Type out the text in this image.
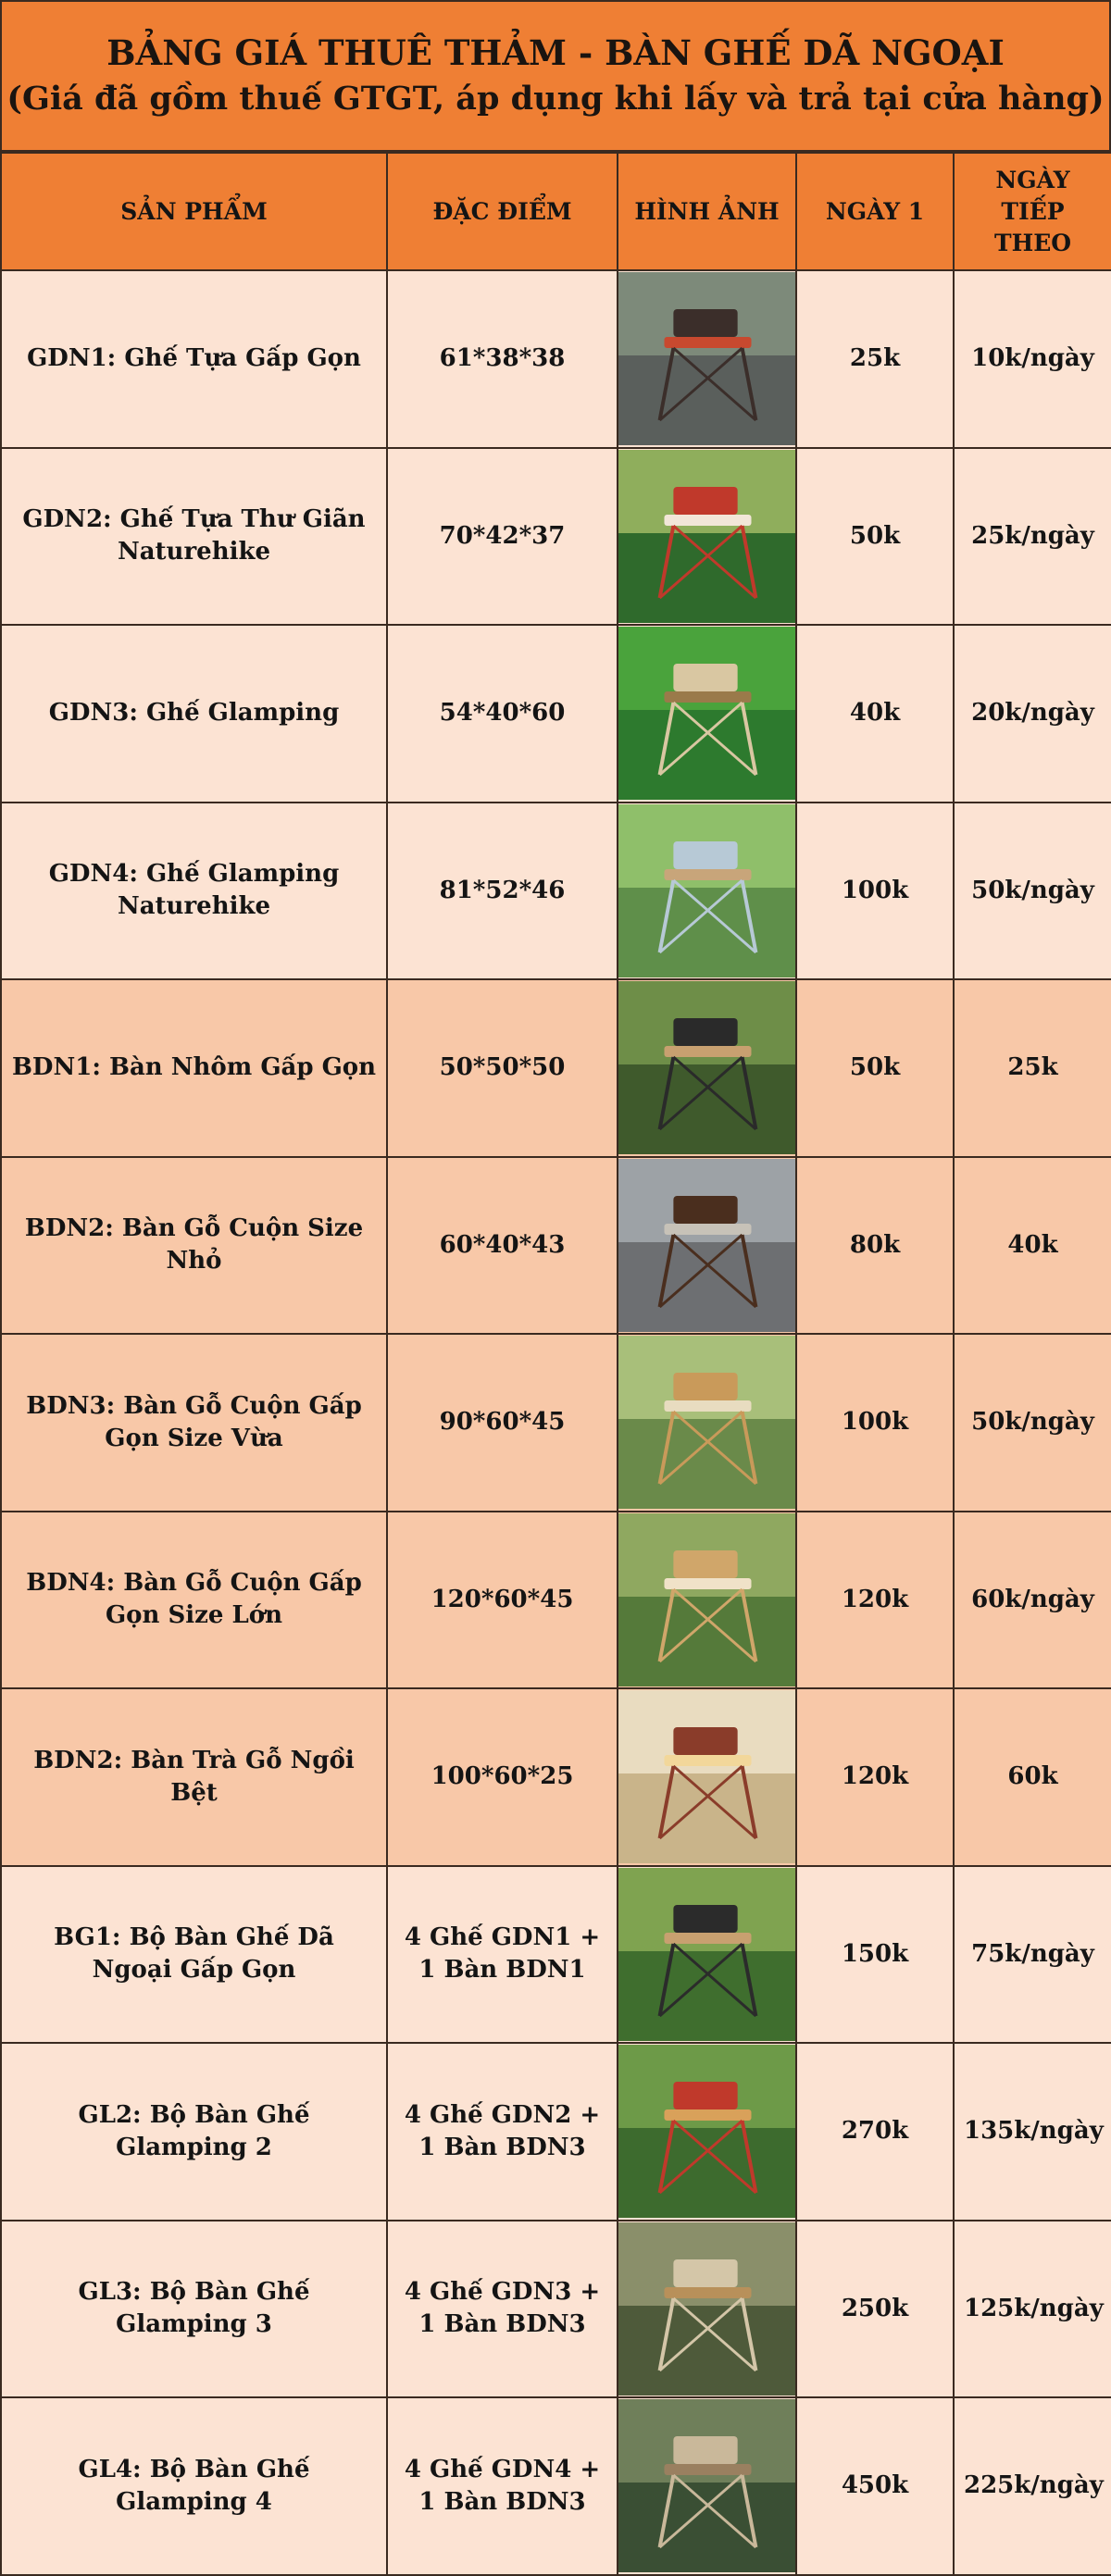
BẢNG GIÁ THUÊ THẢM - BÀN GHẾ DÃ NGOẠI
(Giá đã gồm thuế GTGT, áp dụng khi lấy và trả tại cửa hàng)
SẢN PHẨM	ĐẶC ĐIỂM	HÌNH ẢNH	NGÀY 1	NGÀY TIẾP THEO
GDN1: Ghế Tựa Gấp Gọn	61*38*38		25k	10k/ngày
GDN2: Ghế Tựa Thư Giãn Naturehike	70*42*37		50k	25k/ngày
GDN3: Ghế Glamping	54*40*60		40k	20k/ngày
GDN4: Ghế Glamping Naturehike	81*52*46		100k	50k/ngày
BDN1: Bàn Nhôm Gấp Gọn	50*50*50		50k	25k
BDN2: Bàn Gỗ Cuộn Size Nhỏ	60*40*43		80k	40k
BDN3: Bàn Gỗ Cuộn Gấp Gọn Size Vừa	90*60*45		100k	50k/ngày
BDN4: Bàn Gỗ Cuộn Gấp Gọn Size Lớn	120*60*45		120k	60k/ngày
BDN2: Bàn Trà Gỗ Ngồi Bệt	100*60*25		120k	60k
BG1: Bộ Bàn Ghế Dã Ngoại Gấp Gọn	4 Ghế GDN1 + 1 Bàn BDN1		150k	75k/ngày
GL2: Bộ Bàn Ghế Glamping 2	4 Ghế GDN2 + 1 Bàn BDN3		270k	135k/ngày
GL3: Bộ Bàn Ghế Glamping 3	4 Ghế GDN3 + 1 Bàn BDN3		250k	125k/ngày
GL4: Bộ Bàn Ghế Glamping 4	4 Ghế GDN4 + 1 Bàn BDN3		450k	225k/ngày
